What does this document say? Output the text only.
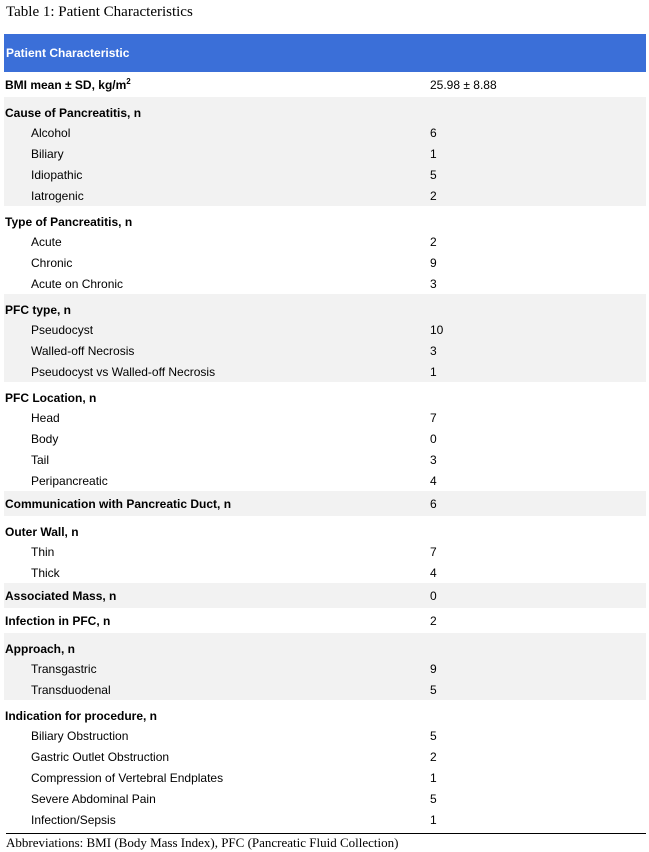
Table 1: Patient Characteristics
Patient Characteristic
BMI mean ± SD, $kg/m^2$	25.98 ± 8.88
Cause of Pancreatitis, n
Alcohol	6
Biliary	1
Idiopathic	5
Iatrogenic	2
Type of Pancreatitis, n
Acute	2
Chronic	9
Acute on Chronic	3
PFC type, n
Pseudocyst	10
Walled-off Necrosis	3
Pseudocyst vs Walled-off Necrosis	1
PFC Location, n
Head	7
Body	0
Tail	3
Peripancreatic	4
Communication with Pancreatic Duct, n	6
Outer Wall, n
Thin	7
Thick	4
Associated Mass, n	0
Infection in PFC, n	2
Approach, n
Transgastric	9
Transduodenal	5
Indication for procedure, n
Biliary Obstruction	5
Gastric Outlet Obstruction	2
Compression of Vertebral Endplates	1
Severe Abdominal Pain	5
Infection/Sepsis	1
Abbreviations: BMI (Body Mass Index), PFC (Pancreatic Fluid Collection)
